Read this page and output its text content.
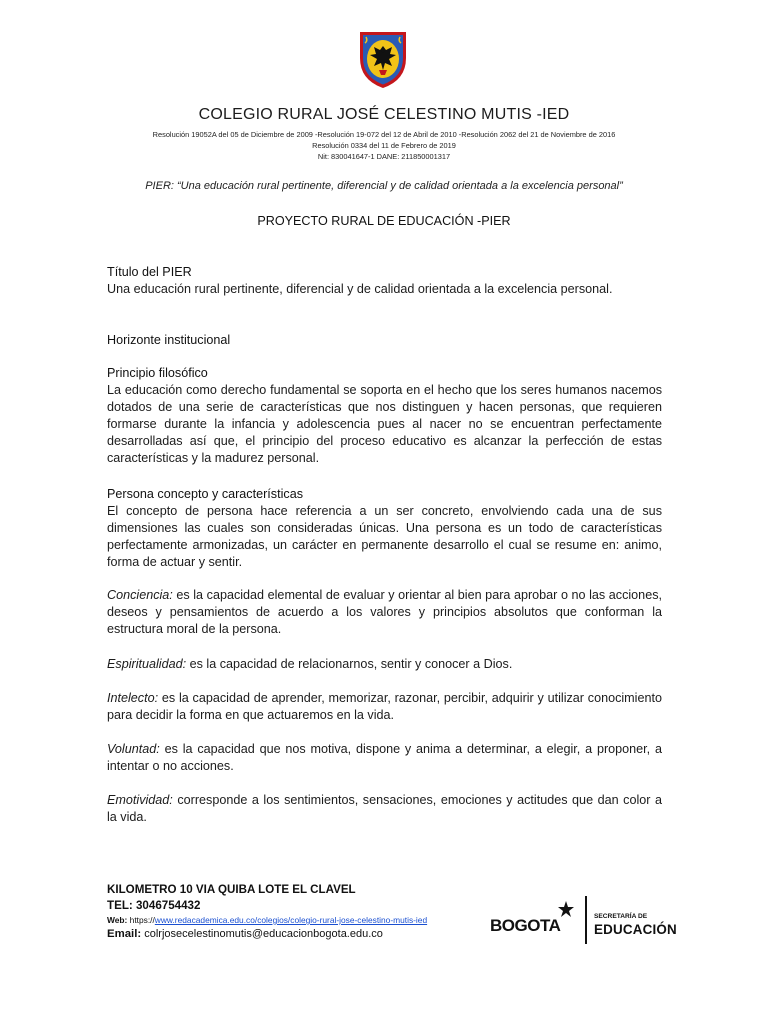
COLEGIO RURAL JOSÉ CELESTINO MUTIS -IED
Resolución 19052A del 05 de Diciembre de 2009 -Resolución 19-072 del 12 de Abril de 2010 -Resolución 2062 del 21 de Noviembre de 2016
Resolución 0334 del 11 de Febrero de 2019
Nit: 830041647-1 DANE: 211850001317
PIER: “Una educación rural pertinente, diferencial y de calidad orientada a la excelencia personal”
PROYECTO RURAL DE EDUCACIÓN -PIER
Título del PIER
Una educación rural pertinente, diferencial y de calidad orientada a la excelencia personal.
Horizonte institucional
Principio filosófico
La educación como derecho fundamental se soporta en el hecho que los seres humanos nacemos dotados de una serie de características que nos distinguen y hacen personas, que requieren formarse durante la infancia y adolescencia pues al nacer no se encuentran perfectamente desarrolladas así que, el principio del proceso educativo es alcanzar la perfección de estas características y la madurez personal.
Persona concepto y características
El concepto de persona hace referencia a un ser concreto, envolviendo cada una de sus dimensiones las cuales son consideradas únicas. Una persona es un todo de características perfectamente armonizadas, un carácter en permanente desarrollo el cual se resume en: animo, forma de actuar y sentir.
Conciencia: es la capacidad elemental de evaluar y orientar al bien para aprobar o no las acciones, deseos y pensamientos de acuerdo a los valores y principios absolutos que conforman la estructura moral de la persona.
Espiritualidad: es la capacidad de relacionarnos, sentir y conocer a Dios.
Intelecto: es la capacidad de aprender, memorizar, razonar, percibir, adquirir y utilizar conocimiento para decidir la forma en que actuaremos en la vida.
Voluntad: es la capacidad que nos motiva, dispone y anima a determinar, a elegir, a proponer, a intentar o no acciones.
Emotividad: corresponde a los sentimientos, sensaciones, emociones y actitudes que dan color a la vida.
KILOMETRO 10 VIA QUIBA LOTE EL CLAVEL
TEL: 3046754432
Web: https://www.redacademica.edu.co/colegios/colegio-rural-jose-celestino-mutis-ied
Email: colrjosecelestinomutis@educacionbogota.edu.co	BOGOTA	SECRETARÍA DE
EDUCACIÓN
